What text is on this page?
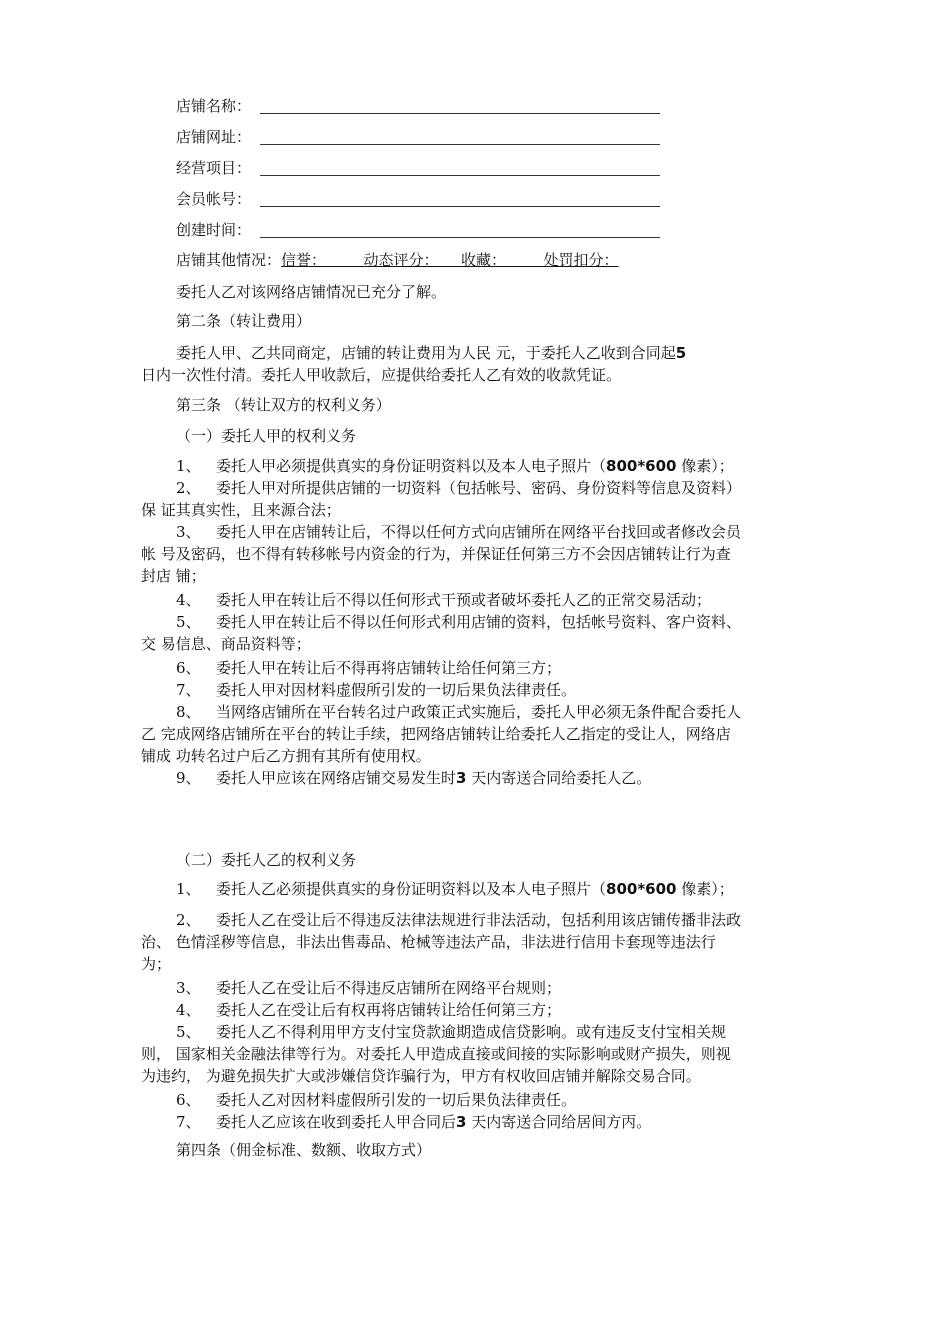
店铺名称：
店铺网址：
经营项目：
会员帐号：
创建时间：
店铺其他情况：信誉：　　　动态评分：　　收藏：　　　处罚扣分：
委托人乙对该网络店铺情况已充分了解。
第二条（转让费用）
委托人甲、乙共同商定，店铺的转让费用为人民 元，于委托人乙收到合同起5
日内一次性付清。委托人甲收款后，应提供给委托人乙有效的收款凭证。
第三条 （转让双方的权利义务）
（一）委托人甲的权利义务
1、 委托人甲必须提供真实的身份证明资料以及本人电子照片（800*600 像素）；
2、 委托人甲对所提供店铺的一切资料（包括帐号、密码、身份资料等信息及资料）
保 证其真实性，且来源合法；
3、 委托人甲在店铺转让后，不得以任何方式向店铺所在网络平台找回或者修改会员
帐 号及密码，也不得有转移帐号内资金的行为，并保证任何第三方不会因店铺转让行为查
封店 铺；
4、 委托人甲在转让后不得以任何形式干预或者破坏委托人乙的正常交易活动；
5、 委托人甲在转让后不得以任何形式利用店铺的资料，包括帐号资料、客户资料、
交 易信息、商品资料等；
6、 委托人甲在转让后不得再将店铺转让给任何第三方；
7、 委托人甲对因材料虚假所引发的一切后果负法律责任。
8、 当网络店铺所在平台转名过户政策正式实施后，委托人甲必须无条件配合委托人
乙 完成网络店铺所在平台的转让手续，把网络店铺转让给委托人乙指定的受让人，网络店
铺成 功转名过户后乙方拥有其所有使用权。
9、 委托人甲应该在网络店铺交易发生时3 天内寄送合同给委托人乙。
（二）委托人乙的权利义务
1、 委托人乙必须提供真实的身份证明资料以及本人电子照片（800*600 像素）；
2、 委托人乙在受让后不得违反法律法规进行非法活动，包括利用该店铺传播非法政
治、 色情淫秽等信息，非法出售毒品、枪械等违法产品，非法进行信用卡套现等违法行
为；
3、 委托人乙在受让后不得违反店铺所在网络平台规则；
4、 委托人乙在受让后有权再将店铺转让给任何第三方；
5、 委托人乙不得利用甲方支付宝贷款逾期造成信贷影响。或有违反支付宝相关规
则， 国家相关金融法律等行为。对委托人甲造成直接或间接的实际影响或财产损失，则视
为违约， 为避免损失扩大或涉嫌信贷诈骗行为，甲方有权收回店铺并解除交易合同。
6、 委托人乙对因材料虚假所引发的一切后果负法律责任。
7、 委托人乙应该在收到委托人甲合同后3 天内寄送合同给居间方丙。
第四条（佣金标准、数额、收取方式）
